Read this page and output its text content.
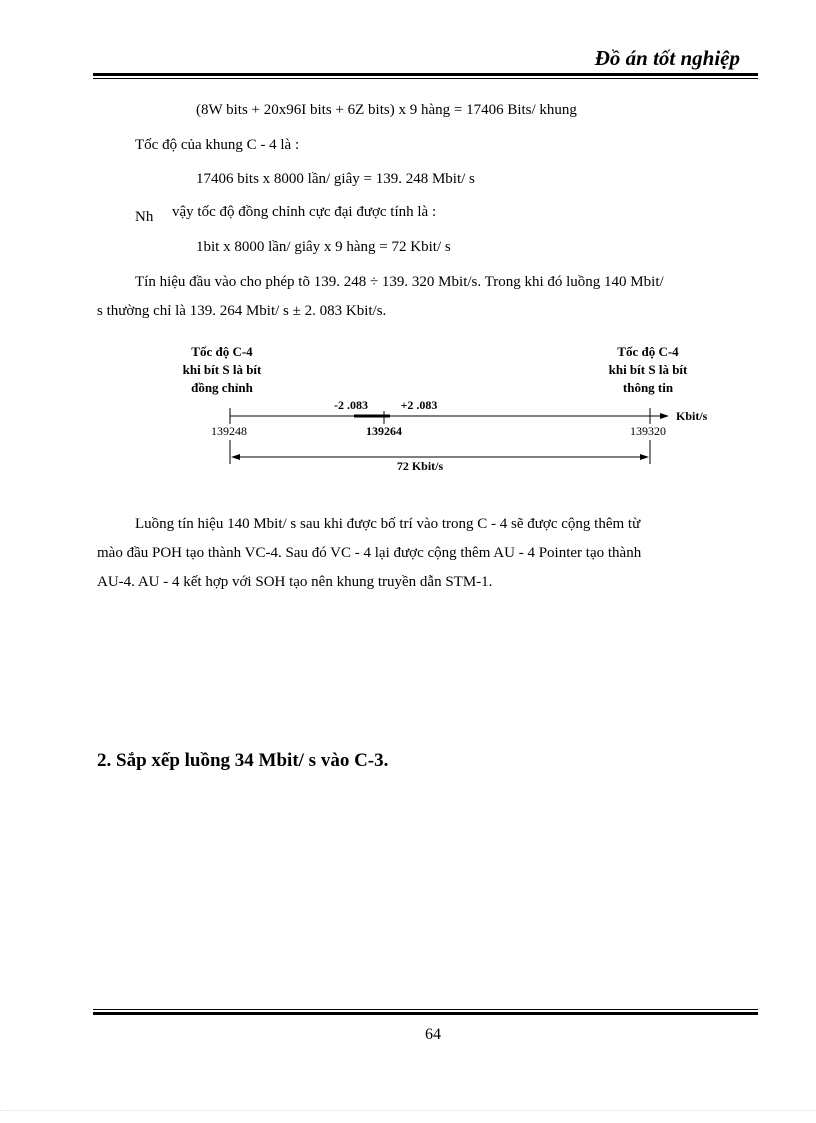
Đồ án tốt nghiệp
(8W bits + 20x96I bits + 6Z bits) x 9 hàng = 17406 Bits/ khung
Tốc độ của khung C - 4 là :
17406 bits x 8000 lần/ giây = 139. 248 Mbit/ s
Nh vậy tốc độ đồng chỉnh cực đại được tính là :
1bit x 8000 lần/ giây x 9 hàng = 72 Kbit/ s
Tín hiệu đầu vào cho phép tõ 139. 248 ÷ 139. 320 Mbit/s. Trong khi đó luồng 140 Mbit/
s thường chỉ là 139. 264 Mbit/ s ± 2. 083 Kbit/s.
Tốc độ C-4
khi bít S là bít
đồng chỉnh
Tốc độ C-4
khi bít S là bít
thông tin
-2 .083	+2 .083
Kbit/s
139248	139264	139320
72 Kbit/s
Luồng tín hiệu 140 Mbit/ s sau khi được bố trí vào trong C - 4 sẽ được cộng thêm từ
mào đầu POH tạo thành VC-4. Sau đó VC - 4 lại được cộng thêm AU - 4 Pointer tạo thành
AU-4. AU - 4 kết hợp với SOH tạo nên khung truyền dẫn STM-1.
2. Sắp xếp luồng 34 Mbit/ s vào C-3.
64
